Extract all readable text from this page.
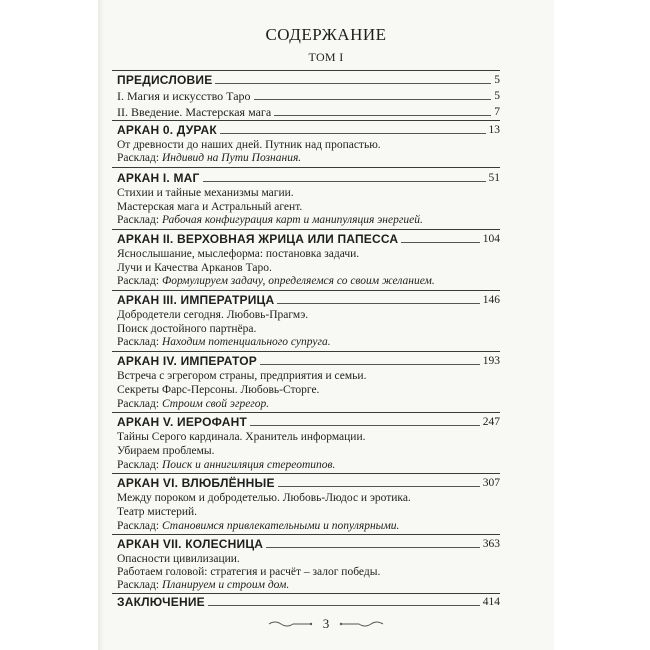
СОДЕРЖАНИЕ
ТОМ I
ПРЕДИСЛОВИЕ	5
I. Магия и искусство Таро	5
II. Введение. Мастерская мага	7
АРКАН 0. ДУРАК	13
От древности до наших дней. Путник над пропастью.
Расклад: Индивид на Пути Познания.
АРКАН I. МАГ	51
Стихии и тайные механизмы магии.
Мастерская мага и Астральный агент.
Расклад: Рабочая конфигурация карт и манипуляция энергией.
АРКАН II. ВЕРХОВНАЯ ЖРИЦА ИЛИ ПАПЕССА	104
Яснослышание, мыслеформа: постановка задачи.
Лучи и Качества Арканов Таро.
Расклад: Формулируем задачу, определяемся со своим желанием.
АРКАН III. ИМПЕРАТРИЦА	146
Добродетели сегодня. Любовь-Прагмэ.
Поиск достойного партнёра.
Расклад: Находим потенциального супруга.
АРКАН IV. ИМПЕРАТОР	193
Встреча с эгрегором страны, предприятия и семьи.
Секреты Фарс-Персоны. Любовь-Сторге.
Расклад: Строим свой эгрегор.
АРКАН V. ИЕРОФАНТ	247
Тайны Серого кардинала. Хранитель информации.
Убираем проблемы.
Расклад: Поиск и аннигиляция стереотипов.
АРКАН VI. ВЛЮБЛЁННЫЕ	307
Между пороком и добродетелью. Любовь-Людос и эротика.
Театр мистерий.
Расклад: Становимся привлекательными и популярными.
АРКАН VII. КОЛЕСНИЦА	363
Опасности цивилизации.
3
Работаем головой: стратегия и расчёт – залог победы.
Расклад: Планируем и строим дом.
ЗАКЛЮЧЕНИЕ	414
